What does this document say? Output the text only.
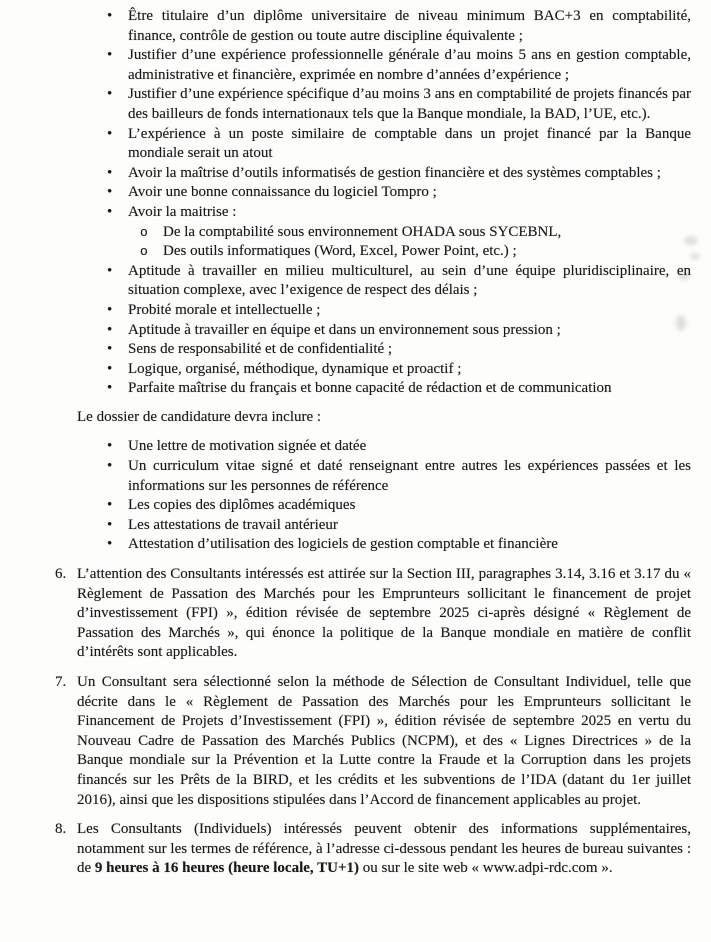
•	Être titulaire d’un diplôme universitaire de niveau minimum BAC+3 en comptabilité, finance, contrôle de gestion ou toute autre discipline équivalente ;
•	Justifier d’une expérience professionnelle générale d’au moins 5 ans en gestion comptable, administrative et financière, exprimée en nombre d’années d’expérience ;
•	Justifier d’une expérience spécifique d’au moins 3 ans en comptabilité de projets financés par des bailleurs de fonds internationaux tels que la Banque mondiale, la BAD, l’UE, etc.).
•	L’expérience à un poste similaire de comptable dans un projet financé par la Banque mondiale serait un atout
•	Avoir la maîtrise d’outils informatisés de gestion financière et des systèmes comptables ;
•	Avoir une bonne connaissance du logiciel Tompro ;
•	Avoir la maitrise :
o	De la comptabilité sous environnement OHADA sous SYCEBNL,
o	Des outils informatiques (Word, Excel, Power Point, etc.) ;
•	Aptitude à travailler en milieu multiculturel, au sein d’une équipe pluridisciplinaire, en situation complexe, avec l’exigence de respect des délais ;
•	Probité morale et intellectuelle ;
•	Aptitude à travailler en équipe et dans un environnement sous pression ;
•	Sens de responsabilité et de confidentialité ;
•	Logique, organisé, méthodique, dynamique et proactif ;
•	Parfaite maîtrise du français et bonne capacité de rédaction et de communication

Le dossier de candidature devra inclure :

•	Une lettre de motivation signée et datée
•	Un curriculum vitae signé et daté renseignant entre autres les expériences passées et les informations sur les personnes de référence
•	Les copies des diplômes académiques
•	Les attestations de travail antérieur
•	Attestation d’utilisation des logiciels de gestion comptable et financière
6. L’attention des Consultants intéressés est attirée sur la Section III, paragraphes 3.14, 3.16 et 3.17 du « Règlement de Passation des Marchés pour les Emprunteurs sollicitant le financement de projet d’investissement (FPI) », édition révisée de septembre 2025 ci-après désigné « Règlement de Passation des Marchés », qui énonce la politique de la Banque mondiale en matière de conflit d’intérêts sont applicables.
7. Un Consultant sera sélectionné selon la méthode de Sélection de Consultant Individuel, telle que décrite dans le « Règlement de Passation des Marchés pour les Emprunteurs sollicitant le Financement de Projets d’Investissement (FPI) », édition révisée de septembre 2025 en vertu du Nouveau Cadre de Passation des Marchés Publics (NCPM), et des « Lignes Directrices » de la Banque mondiale sur la Prévention et la Lutte contre la Fraude et la Corruption dans les projets financés sur les Prêts de la BIRD, et les crédits et les subventions de l’IDA (datant du 1er juillet 2016), ainsi que les dispositions stipulées dans l’Accord de financement applicables au projet.
8. Les Consultants (Individuels) intéressés peuvent obtenir des informations supplémentaires, notamment sur les termes de référence, à l’adresse ci-dessous pendant les heures de bureau suivantes : de 9 heures à 16 heures (heure locale, TU+1) ou sur le site web « www.adpi-rdc.com ».
